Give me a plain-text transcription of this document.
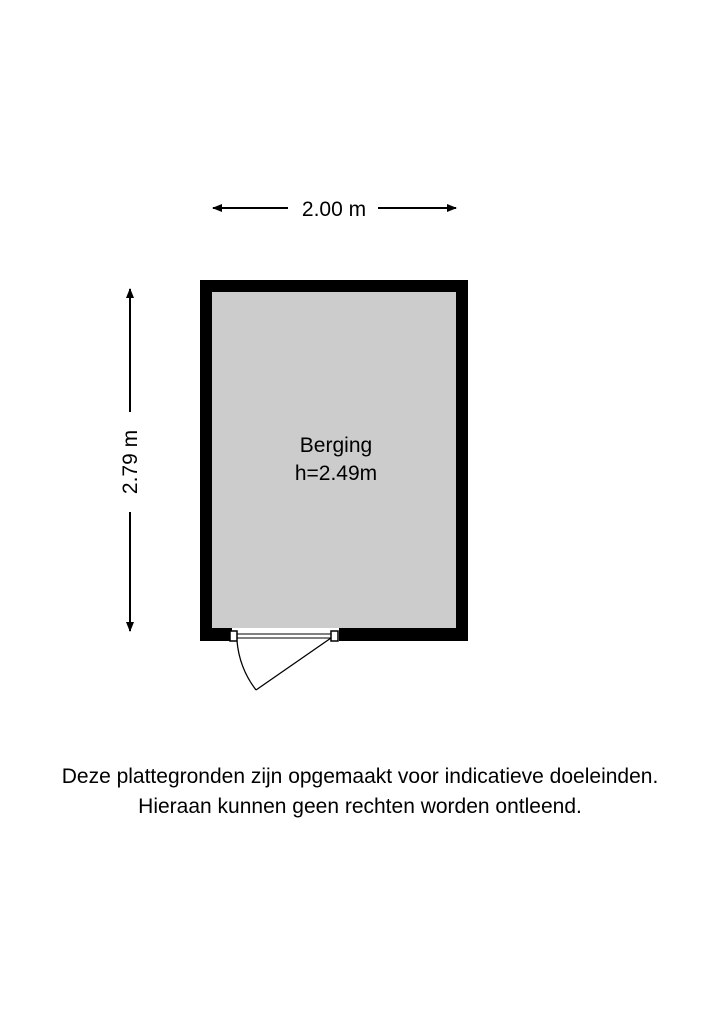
2.00 m
2.79 m	Berging
h=2.49m
Deze plattegronden zijn opgemaakt voor indicatieve doeleinden.
Hieraan kunnen geen rechten worden ontleend.
